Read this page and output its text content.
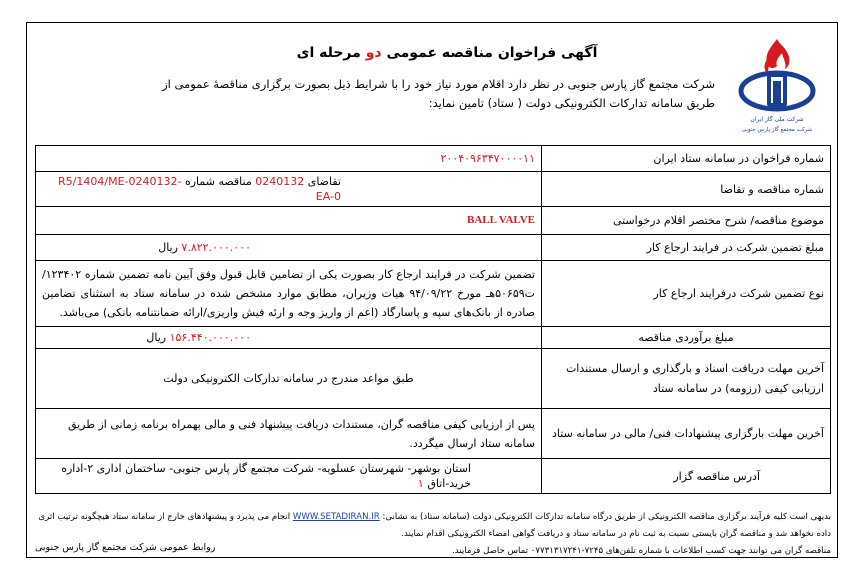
شرکت ملی گاز ایران
شرکت مجتمع گاز پارس جنوبی
آگهی فراخوان مناقصه عمومی دو مرحله ای
شرکت مجتمع گاز پارس جنوبی در نظر دارد اقلام مورد نیاز خود را با شرایط ذیل بصورت برگزاری مناقصۀ عمومی از طریق سامانه تدارکات الکترونیکی دولت ( ستاد) تامین نماید:
شماره فراخوان در سامانه ستاد ایران	۲۰۰۴۰۹۶۳۴۷۰۰۰۰۱۱
شماره مناقصه و تقاضا	تقاضای 0240132 مناقصه شماره R5/1404/ME-0240132-EA-0
موضوع مناقصه/ شرح مختصر اقلام درخواستی	BALL VALVE
مبلغ تضمین شرکت در فرایند ارجاع کار	۷.۸۲۲.۰۰۰.۰۰۰ ریال
نوع تضمین شرکت درفرایند ارجاع کار	تضمین شرکت در فرایند ارجاع کار بصورت یکی از تضامین قابل قبول وفق آیین نامه تضمین شماره ۱۲۳۴۰۲/ت۵۰۶۵۹هـ مورخ ۹۴/۰۹/۲۲ هیات وزیران، مطابق موارد مشخص شده در سامانه ستاد به استثنای تضامین صادره از بانک‌های سپه و پاسارگاد (اعم از واریز وجه و ارئه فیش واریزی/ارائه ضمانتنامه بانکی) می‌باشد.
مبلغ برآوردی مناقصه	۱۵۶.۴۴۰.۰۰۰.۰۰۰ ریال
آخرین مهلت دریافت اسناد و بارگذاری و ارسال مستندات ارزیابی کیفی (رزومه) در سامانه ستاد	طبق مواعد مندرج در سامانه تدارکات الکترونیکی دولت
آخرین مهلت بارگزاری پیشنهادات فنی/ مالی در سامانه ستاد	پس از ارزیابی کیفی مناقصه گران، مستندات دریافت پیشنهاد فنی و مالی بهمراه برنامه زمانی از طریق سامانه ستاد ارسال میگردد.
آدرس مناقصه گزار	استان بوشهر- شهرستان عسلویه- شرکت مجتمع گاز پارس جنوبی- ساختمان اداری ۲-اداره خرید-اتاق ۱
بدیهی است کلیه فرآیند برگزاری مناقصه الکترونیکی از طریق درگاه سامانه تدارکات الکترونیکی دولت (سامانه ستاد) به نشانی: WWW.SETADIRAN.IR انجام می پذیرد و پیشنهادهای خارج از سامانه ستاد هیچگونه ترتیب اثری داده نخواهد شد و مناقصه گران بایستی نسبت به ثبت نام در سامانه ستاد و دریافت گواهی امضاء الکترونیکی اقدام نمایند.
مناقصه گران می توانند جهت کسب اطلاعات با شماره تلفن‌های ۷۲۴۵-۰۷۷۳۱۳۱۷۲۴۱ تماس حاصل فرمایند.
روابط عمومی شرکت مجتمع گاز پارس جنوبی
